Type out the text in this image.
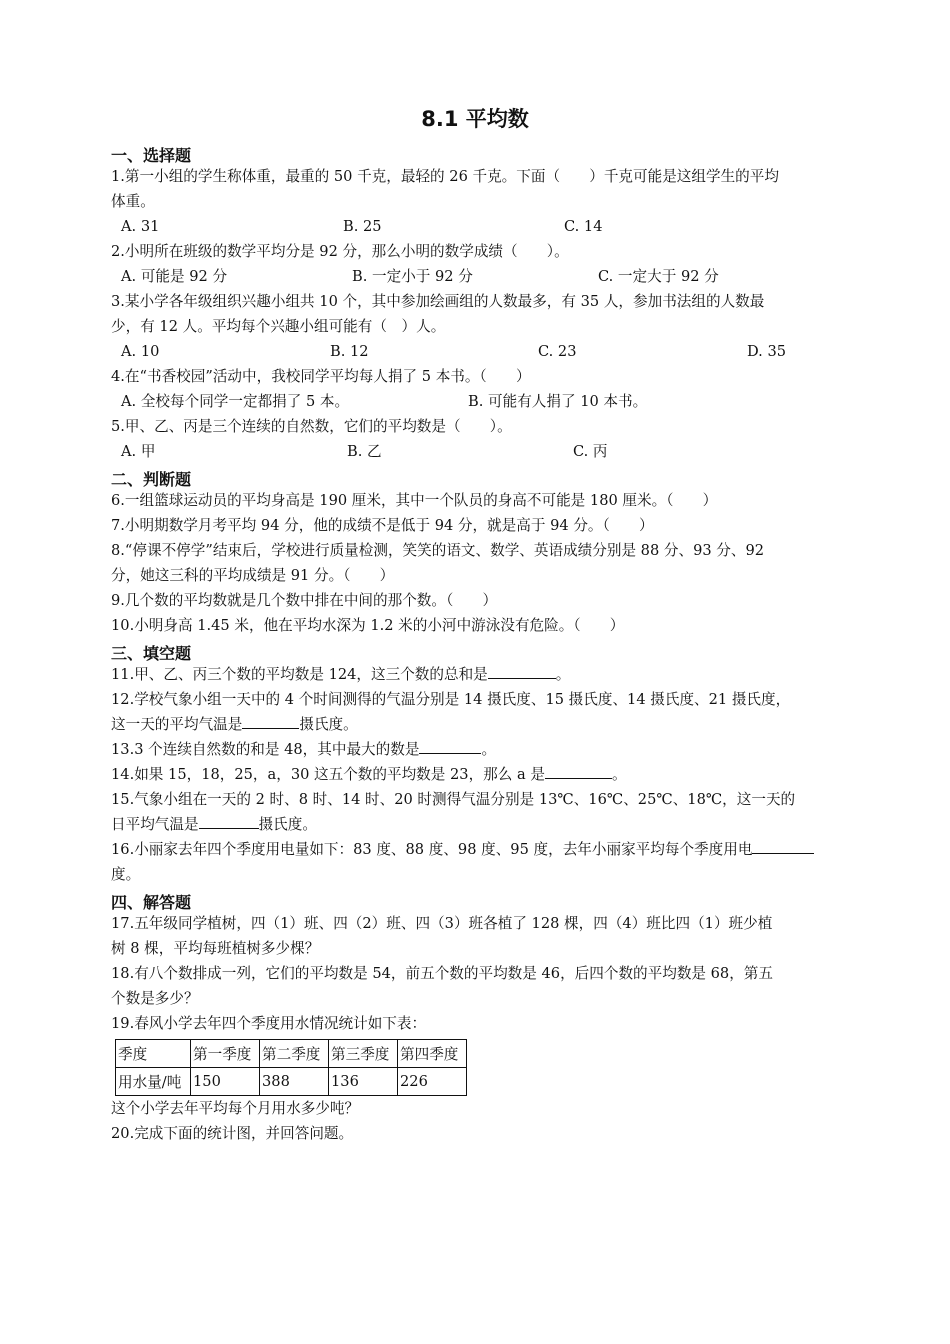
8.1 平均数
一、选择题
1.第一小组的学生称体重，最重的 50 千克，最轻的 26 千克。下面（　　）千克可能是这组学生的平均
体重。
A. 31	B. 25	C. 14
2.小明所在班级的数学平均分是 92 分，那么小明的数学成绩（　　）。
A. 可能是 92 分	B. 一定小于 92 分	C. 一定大于 92 分
3.某小学各年级组织兴趣小组共 10 个，其中参加绘画组的人数最多，有 35 人，参加书法组的人数最
少，有 12 人。平均每个兴趣小组可能有（　）人。
A. 10	B. 12	C. 23	D. 35
4.在“书香校园”活动中，我校同学平均每人捐了 5 本书。（　　）
A. 全校每个同学一定都捐了 5 本。	B. 可能有人捐了 10 本书。
5.甲、乙、丙是三个连续的自然数，它们的平均数是（　　）。
A. 甲	B. 乙	C. 丙
二、判断题
6.一组篮球运动员的平均身高是 190 厘米，其中一个队员的身高不可能是 180 厘米。（　　）
7.小明期数学月考平均 94 分，他的成绩不是低于 94 分，就是高于 94 分。（　　）
8.“停课不停学”结束后，学校进行质量检测，笑笑的语文、数学、英语成绩分别是 88 分、93 分、92
分，她这三科的平均成绩是 91 分。（　　）
9.几个数的平均数就是几个数中排在中间的那个数。（　　）
10.小明身高 1.45 米，他在平均水深为 1.2 米的小河中游泳没有危险。（　　）
三、填空题
11.甲、乙、丙三个数的平均数是 124，这三个数的总和是	。
12.学校气象小组一天中的 4 个时间测得的气温分别是 14 摄氏度、15 摄氏度、14 摄氏度、21 摄氏度，
这一天的平均气温是	摄氏度。
13.3 个连续自然数的和是 48，其中最大的数是	。
14.如果 15，18，25，a，30 这五个数的平均数是 23，那么 a 是	。
15.气象小组在一天的 2 时、8 时、14 时、20 时测得气温分别是 13℃、16℃、25℃、18℃，这一天的
日平均气温是	摄氏度。
16.小丽家去年四个季度用电量如下：83 度、88 度、98 度、95 度，去年小丽家平均每个季度用电
度。
四、解答题
17.五年级同学植树，四（1）班、四（2）班、四（3）班各植了 128 棵，四（4）班比四（1）班少植
树 8 棵，平均每班植树多少棵？
18.有八个数排成一列，它们的平均数是 54，前五个数的平均数是 46，后四个数的平均数是 68，第五
个数是多少？
19.春风小学去年四个季度用水情况统计如下表：
季度	第一季度	第二季度	第三季度	第四季度
用水量/吨	150	388	136	226
这个小学去年平均每个月用水多少吨？
20.完成下面的统计图，并回答问题。
